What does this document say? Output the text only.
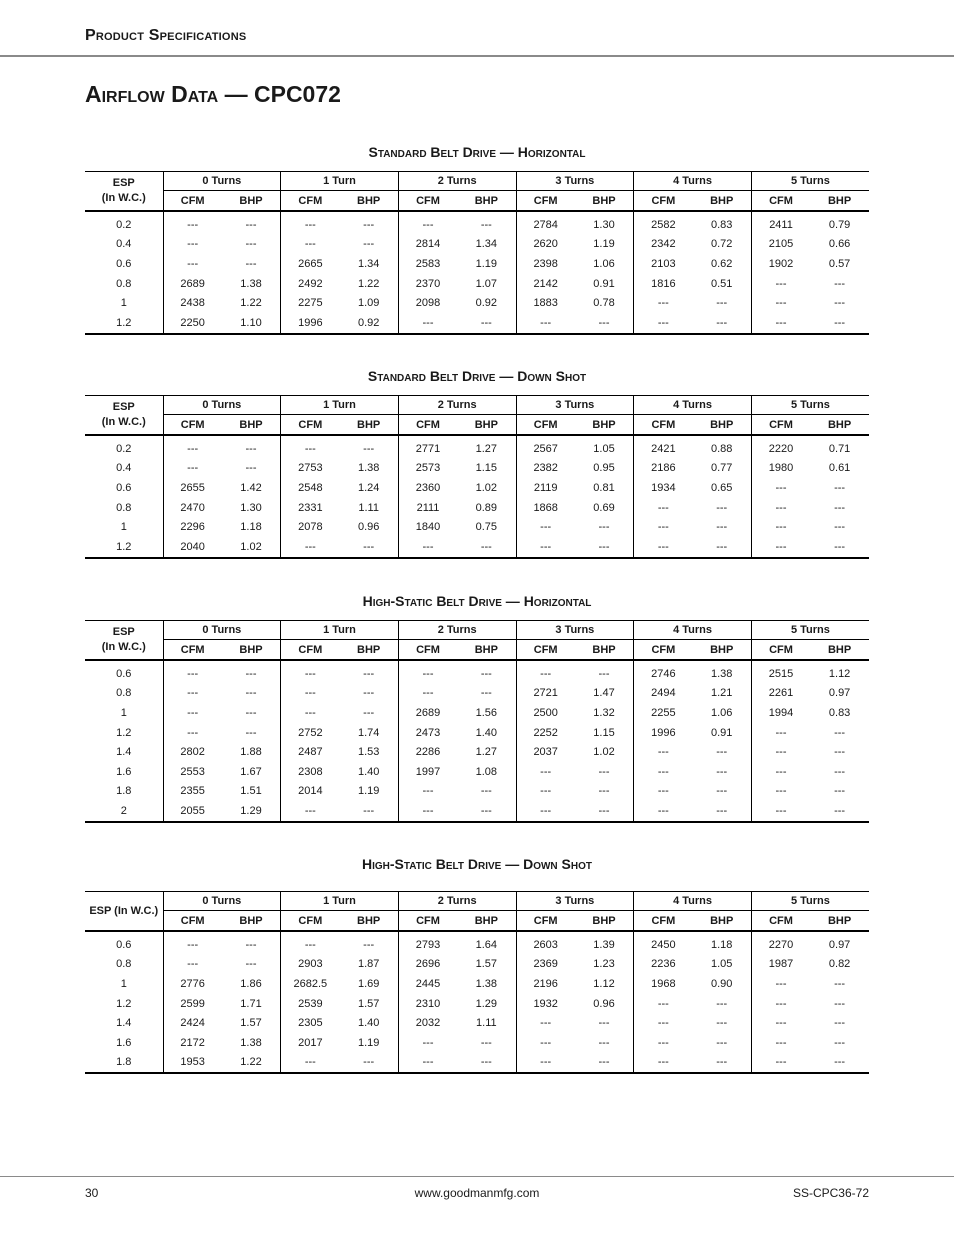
Product Specifications
Airflow Data — CPC072
Standard Belt Drive — Horizontal
ESP
(In W.C.)	0 Turns		1 Turn		2 Turns		3 Turns		4 Turns		5 Turns	
	CFM	BHP	CFM	BHP	CFM	BHP	CFM	BHP	CFM	BHP	CFM	BHP
0.2	---	---	---	---	---	---	2784	1.30	2582	0.83	2411	0.79
0.4	---	---	---	---	2814	1.34	2620	1.19	2342	0.72	2105	0.66
0.6	---	---	2665	1.34	2583	1.19	2398	1.06	2103	0.62	1902	0.57
0.8	2689	1.38	2492	1.22	2370	1.07	2142	0.91	1816	0.51	---	---
1	2438	1.22	2275	1.09	2098	0.92	1883	0.78	---	---	---	---
1.2	2250	1.10	1996	0.92	---	---	---	---	---	---	---	---
Standard Belt Drive — Down Shot
ESP
(In W.C.)	0 Turns		1 Turn		2 Turns		3 Turns		4 Turns		5 Turns	
	CFM	BHP	CFM	BHP	CFM	BHP	CFM	BHP	CFM	BHP	CFM	BHP
0.2	---	---	---	---	2771	1.27	2567	1.05	2421	0.88	2220	0.71
0.4	---	---	2753	1.38	2573	1.15	2382	0.95	2186	0.77	1980	0.61
0.6	2655	1.42	2548	1.24	2360	1.02	2119	0.81	1934	0.65	---	---
0.8	2470	1.30	2331	1.11	2111	0.89	1868	0.69	---	---	---	---
1	2296	1.18	2078	0.96	1840	0.75	---	---	---	---	---	---
1.2	2040	1.02	---	---	---	---	---	---	---	---	---	---
High-Static Belt Drive — Horizontal
ESP
(In W.C.)	0 Turns		1 Turn		2 Turns		3 Turns		4 Turns		5 Turns	
	CFM	BHP	CFM	BHP	CFM	BHP	CFM	BHP	CFM	BHP	CFM	BHP
0.6	---	---	---	---	---	---	---	---	2746	1.38	2515	1.12
0.8	---	---	---	---	---	---	2721	1.47	2494	1.21	2261	0.97
1	---	---	---	---	2689	1.56	2500	1.32	2255	1.06	1994	0.83
1.2	---	---	2752	1.74	2473	1.40	2252	1.15	1996	0.91	---	---
1.4	2802	1.88	2487	1.53	2286	1.27	2037	1.02	---	---	---	---
1.6	2553	1.67	2308	1.40	1997	1.08	---	---	---	---	---	---
1.8	2355	1.51	2014	1.19	---	---	---	---	---	---	---	---
2	2055	1.29	---	---	---	---	---	---	---	---	---	---
High-Static Belt Drive — Down Shot
ESP (In W.C.)	0 Turns		1 Turn		2 Turns		3 Turns		4 Turns		5 Turns	
	CFM	BHP	CFM	BHP	CFM	BHP	CFM	BHP	CFM	BHP	CFM	BHP
0.6	---	---	---	---	2793	1.64	2603	1.39	2450	1.18	2270	0.97
0.8	---	---	2903	1.87	2696	1.57	2369	1.23	2236	1.05	1987	0.82
1	2776	1.86	2682.5	1.69	2445	1.38	2196	1.12	1968	0.90	---	---
1.2	2599	1.71	2539	1.57	2310	1.29	1932	0.96	---	---	---	---
1.4	2424	1.57	2305	1.40	2032	1.11	---	---	---	---	---	---
1.6	2172	1.38	2017	1.19	---	---	---	---	---	---	---	---
1.8	1953	1.22	---	---	---	---	---	---	---	---	---	---
30	www.goodmanmfg.com	SS-CPC36-72
